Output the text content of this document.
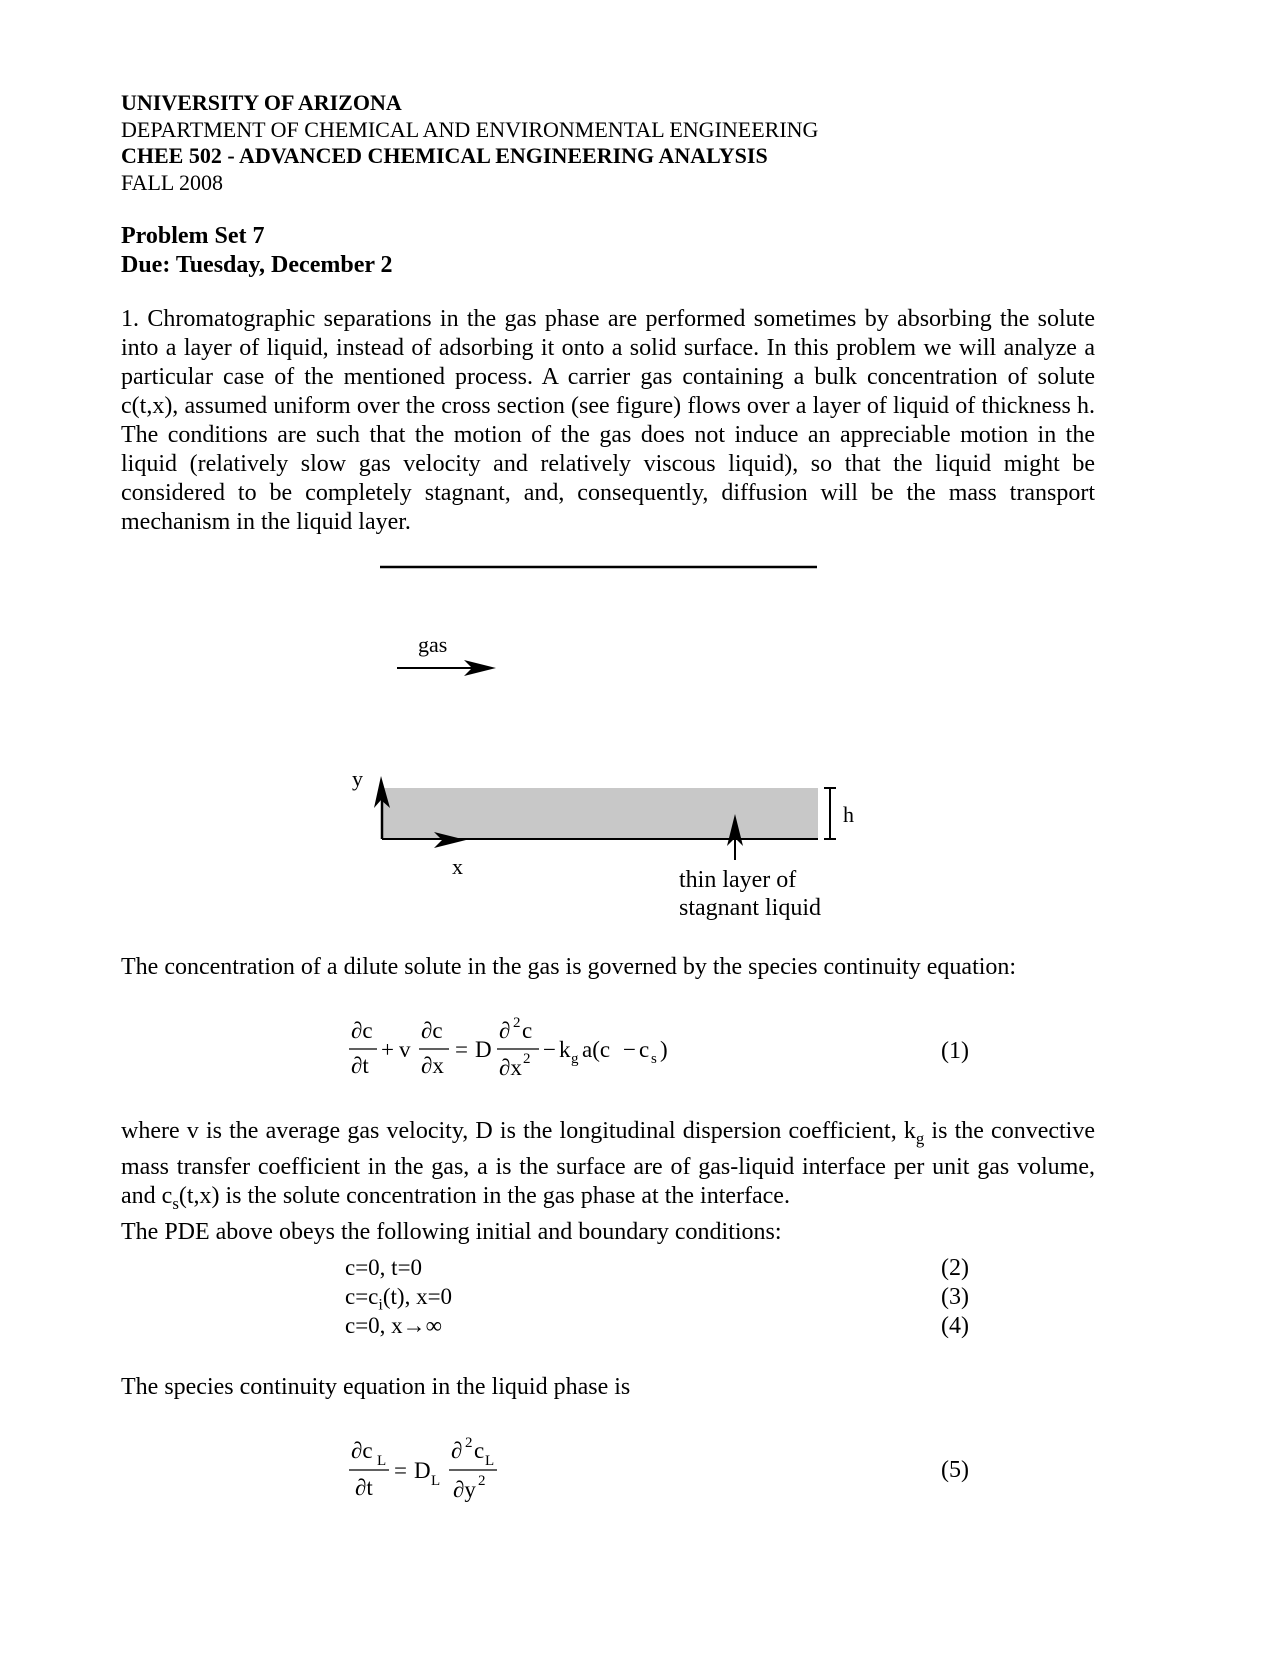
UNIVERSITY OF ARIZONA
DEPARTMENT OF CHEMICAL AND ENVIRONMENTAL ENGINEERING
CHEE 502 - ADVANCED CHEMICAL ENGINEERING ANALYSIS
FALL 2008
Problem Set 7
Due: Tuesday, December 2

1. Chromatographic separations in the gas phase are performed sometimes by absorbing the solute into a layer of liquid, instead of adsorbing it onto a solid surface. In this problem we will analyze a particular case of the mentioned process. A carrier gas containing a bulk concentration of solute c(t,x), assumed uniform over the cross section (see figure) flows over a layer of liquid of thickness h. The conditions are such that the motion of the gas does not induce an appreciable motion in the liquid (relatively slow gas velocity and relatively viscous liquid), so that the liquid might be considered to be completely stagnant, and, consequently, diffusion will be the mass transport mechanism in the liquid layer.

gas
y
x
thin layer of
stagnant liquid
h

The concentration of a dilute solute in the gas is governed by the species continuity equation:

∂c
∂t
+ v
∂c
∂x
= D
∂ 2 c
∂x 2 − k g a(c − c s )	(1)

where v is the average gas velocity, D is the longitudinal dispersion coefficient, $k_g$ is the convective mass transfer coefficient in the gas, a is the surface are of gas-liquid interface per unit gas volume, and $c_s(t,x)$ is the solute concentration in the gas phase at the interface.
The PDE above obeys the following initial and boundary conditions:

c=0, t=0
$c=c_i(t)$, x=0
c=0, x→∞
(2)
(3)
(4)

The species continuity equation in the liquid phase is

∂c L
∂t
= D L
∂ 2 c L
∂y 2	(5)
